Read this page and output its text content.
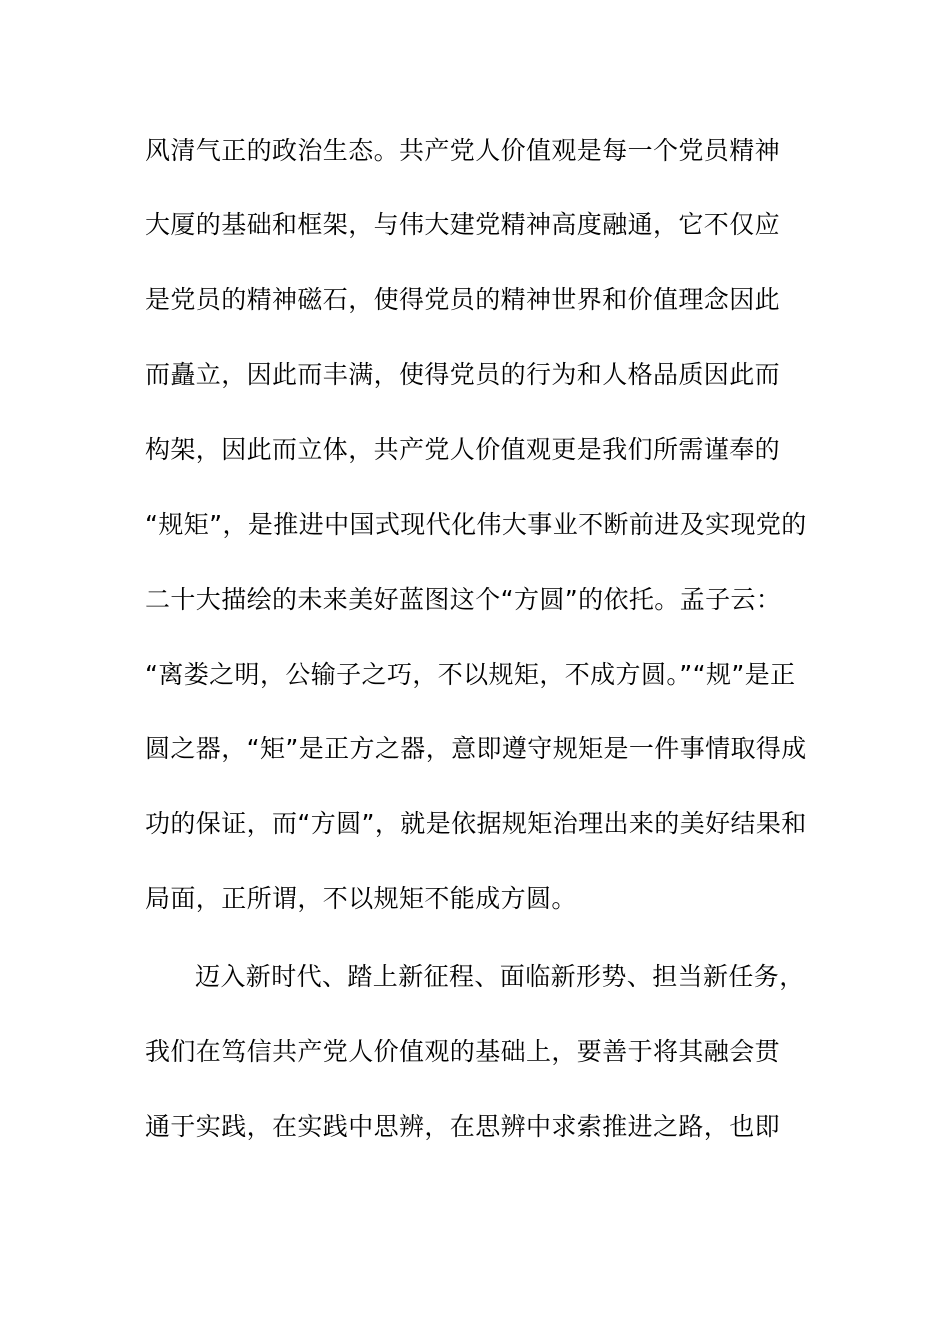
风清气正的政治生态。共产党人价值观是每一个党员精神
大厦的基础和框架，与伟大建党精神高度融通，它不仅应
是党员的精神磁石，使得党员的精神世界和价值理念因此
而矗立，因此而丰满，使得党员的行为和人格品质因此而
构架，因此而立体，共产党人价值观更是我们所需谨奉的
“规矩”，是推进中国式现代化伟大事业不断前进及实现党的
二十大描绘的未来美好蓝图这个“方圆”的依托。孟子云：
“离娄之明，公输子之巧，不以规矩，不成方圆。”“规”是正
圆之器，“矩”是正方之器，意即遵守规矩是一件事情取得成
功的保证，而“方圆”，就是依据规矩治理出来的美好结果和
局面，正所谓，不以规矩不能成方圆。
迈入新时代、踏上新征程、面临新形势、担当新任务，
我们在笃信共产党人价值观的基础上，要善于将其融会贯
通于实践，在实践中思辨，在思辨中求索推进之路，也即
